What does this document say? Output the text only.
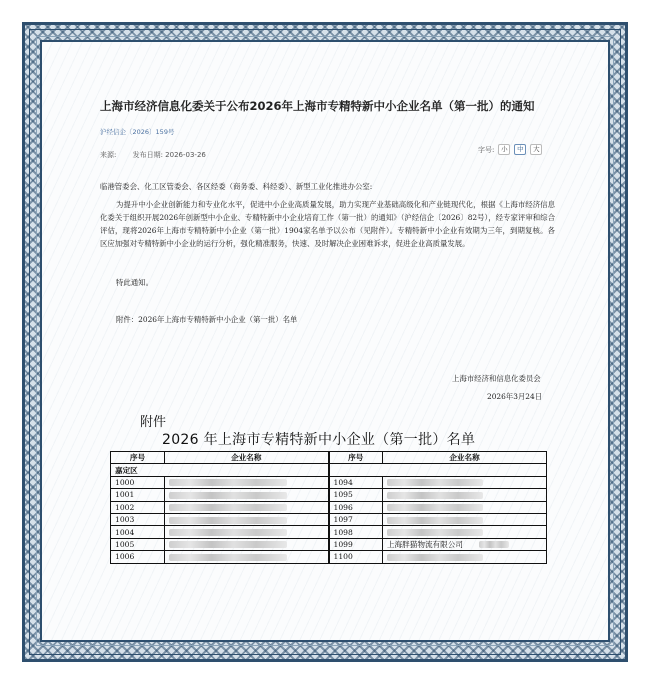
上海市经济信息化委关于公布2026年上海市专精特新中小企业名单（第一批）的通知
沪经信企〔2026〕159号
来源: 发布日期: 2026-03-26
字号:	小	中	大
临港管委会、化工区管委会、各区经委（商务委、科经委）、新型工业化推进办公室:
为提升中小企业创新能力和专业化水平，促进中小企业高质量发展，助力实现产业基础高级化和产业链现代化，根据《上海市经济信息化委关于组织开展2026年创新型中小企业、专精特新中小企业培育工作（第一批）的通知》（沪经信企〔2026〕82号），经专家评审和综合评估，现将2026年上海市专精特新中小企业（第一批）1904家名单予以公布（见附件）。专精特新中小企业有效期为三年，到期复核。各区应加强对专精特新中小企业的运行分析，强化精准服务，快速、及时解决企业困难诉求，促进企业高质量发展。
特此通知。
附件：2026年上海市专精特新中小企业（第一批）名单
上海市经济和信息化委员会
2026年3月24日
附件
2026 年上海市专精特新中小企业（第一批）名单
序号	企业名称	序号	企业名称
嘉定区			
1000		1094	
1001		1095	
1002		1096	
1003		1097	
1004		1098	
1005		1099	上海胖猫物流有限公司
1006		1100	
